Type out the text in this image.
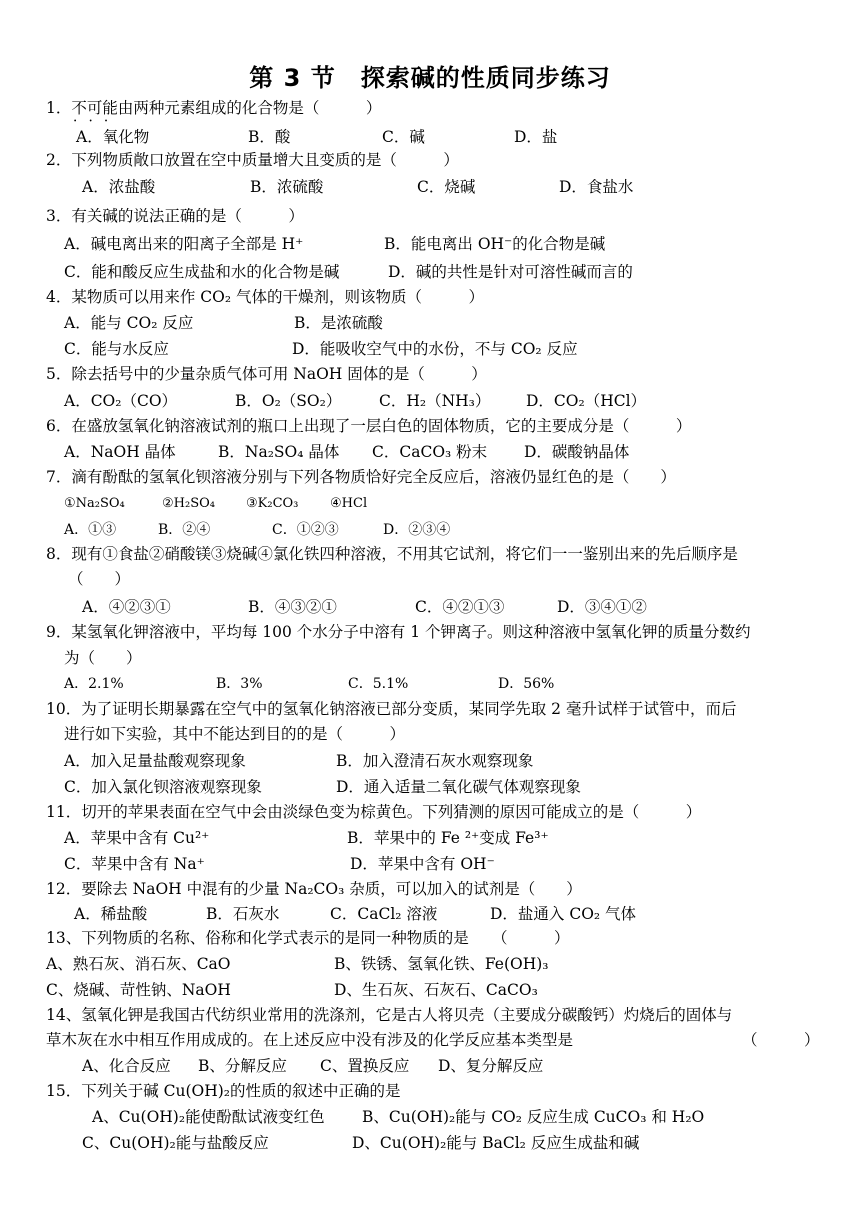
第 3 节　探索碱的性质同步练习
1．不可能 • • •由两种元素组成的化合物是（　　　）
A．氧化物	B．酸	C．碱	D．盐
2．下列物质敞口放置在空中质量增大且变质的是（　　　）
A．浓盐酸	B．浓硫酸	C．烧碱	D．食盐水
3．有关碱的说法正确的是（　　　）
A．碱电离出来的阳离子全部是 H⁺	B．能电离出 OH⁻的化合物是碱
C．能和酸反应生成盐和水的化合物是碱	D．碱的共性是针对可溶性碱而言的
4．某物质可以用来作 CO₂ 气体的干燥剂，则该物质（　　　）
A．能与 CO₂ 反应	B．是浓硫酸
C．能与水反应	D．能吸收空气中的水份，不与 CO₂ 反应
5．除去括号中的少量杂质气体可用 NaOH 固体的是（　　　）
A．CO₂（CO）	B．O₂（SO₂） C．H₂（NH₃） D．CO₂（HCl）
6．在盛放氢氧化钠溶液试剂的瓶口上出现了一层白色的固体物质，它的主要成分是（　　　）
A．NaOH 晶体	B．Na₂SO₄ 晶体 C．CaCO₃ 粉末 D．碳酸钠晶体
7．滴有酚酞的氢氧化钡溶液分别与下列各物质恰好完全反应后，溶液仍显红色的是（　　）
①Na₂SO₄	②H₂SO₄ ③K₂CO₃ ④HCl
A．①③	B．②④	C．①②③	D．②③④
8．现有①食盐②硝酸镁③烧碱④氯化铁四种溶液，不用其它试剂，将它们一一鉴别出来的先后顺序是
（　　）
A．④②③①	B．④③②①	C．④②①③	D．③④①②
9．某氢氧化钾溶液中，平均每 100 个水分子中溶有 1 个钾离子。则这种溶液中氢氧化钾的质量分数约
为（　　）
A．2.1%	B．3%	C．5.1%	D．56%
10．为了证明长期暴露在空气中的氢氧化钠溶液已部分变质，某同学先取 2 毫升试样于试管中，而后
进行如下实验，其中不能达到目的的是（　　　）
A．加入足量盐酸观察现象	B．加入澄清石灰水观察现象
C．加入氯化钡溶液观察现象	D．通入适量二氧化碳气体观察现象
11．切开的苹果表面在空气中会由淡绿色变为棕黄色。下列猜测的原因可能成立的是（　　　）
A．苹果中含有 Cu²⁺	B．苹果中的 Fe ²⁺变成 Fe³⁺
C．苹果中含有 Na⁺	D．苹果中含有 OH⁻
12．要除去 NaOH 中混有的少量 Na₂CO₃ 杂质，可以加入的试剂是（　　）
A．稀盐酸	B．石灰水	C．CaCl₂ 溶液	D．盐通入 CO₂ 气体
13、下列物质的名称、俗称和化学式表示的是同一种物质的是　　（　　　）
A、熟石灰、消石灰、CaO	B、铁锈、氢氧化铁、Fe(OH)₃
C、烧碱、苛性钠、NaOH	D、生石灰、石灰石、CaCO₃
14、氢氧化钾是我国古代纺织业常用的洗涤剂，它是古人将贝壳（主要成分碳酸钙）灼烧后的固体与
草木灰在水中相互作用成成的。在上述反应中没有涉及的化学反应基本类型是	（　　　）
A、化合反应 B、分解反应 C、置换反应 D、复分解反应
15．下列关于碱 Cu(OH)₂的性质的叙述中正确的是
A、Cu(OH)₂能使酚酞试液变红色 B、Cu(OH)₂能与 CO₂ 反应生成 CuCO₃ 和 H₂O
C、Cu(OH)₂能与盐酸反应	D、Cu(OH)₂能与 BaCl₂ 反应生成盐和碱
